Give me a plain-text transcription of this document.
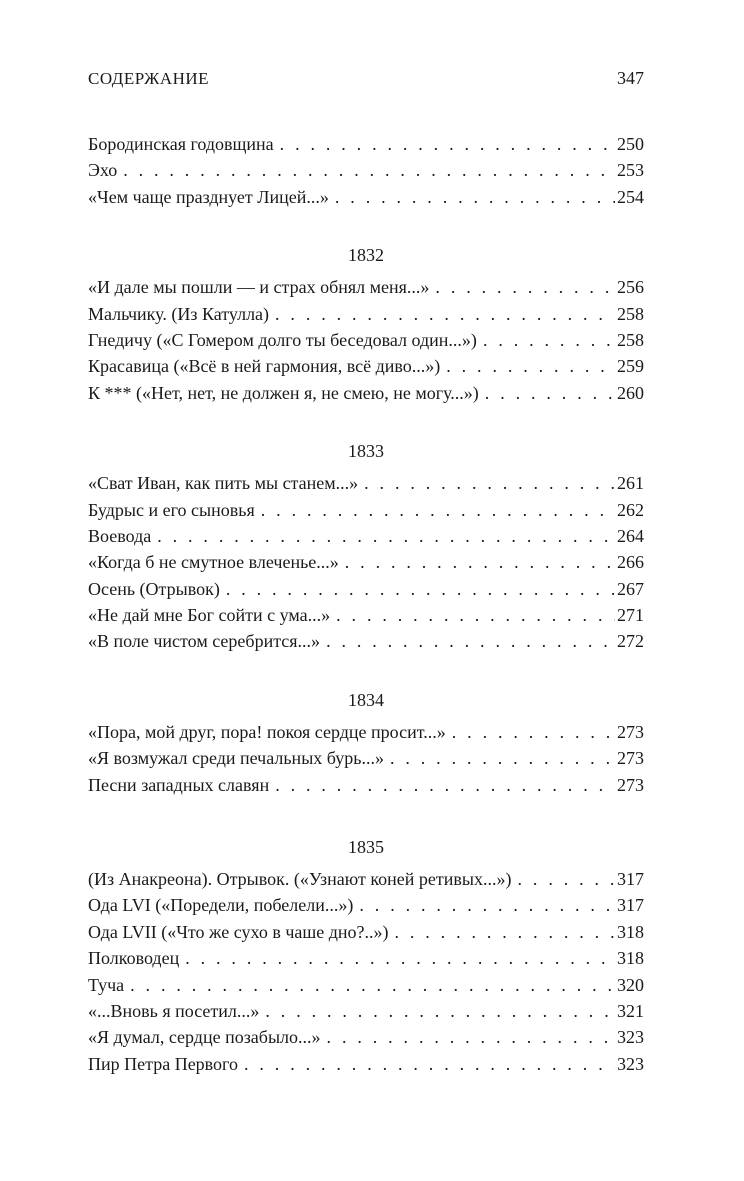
СОДЕРЖАНИЕ	347
Бородинская годовщина . . .	250
Эхо . . .	253
«Чем чаще празднует Лицей...» . . .	254
1832
«И дале мы пошли — и страх обнял меня...» . . .	256
Мальчику. (Из Катулла) . . .	258
Гнедичу («С Гомером долго ты беседовал один...») . . .	258
Красавица («Всё в ней гармония, всё диво...») . . .	259
К *** («Нет, нет, не должен я, не смею, не могу...») . . .	260
1833
«Сват Иван, как пить мы станем...» . . .	261
Будрыс и его сыновья . . .	262
Воевода . . .	264
«Когда б не смутное влеченье...» . . .	266
Осень (Отрывок) . . .	267
«Не дай мне Бог сойти с ума...» . . .	271
«В поле чистом серебрится...» . . .	272
1834
«Пора, мой друг, пора! покоя сердце просит...» . . .	273
«Я возмужал среди печальных бурь...» . . .	273
Песни западных славян . . .	273
1835
(Из Анакреона). Отрывок. («Узнают коней ретивых...») . . .	317
Ода LVI («Поредели, побелели...») . . .	317
Ода LVII («Что же сухо в чаше дно?..») . . .	318
Полководец . . .	318
Туча . . .	320
«...Вновь я посетил...» . . .	321
«Я думал, сердце позабыло...» . . .	323
Пир Петра Первого . . .	323
